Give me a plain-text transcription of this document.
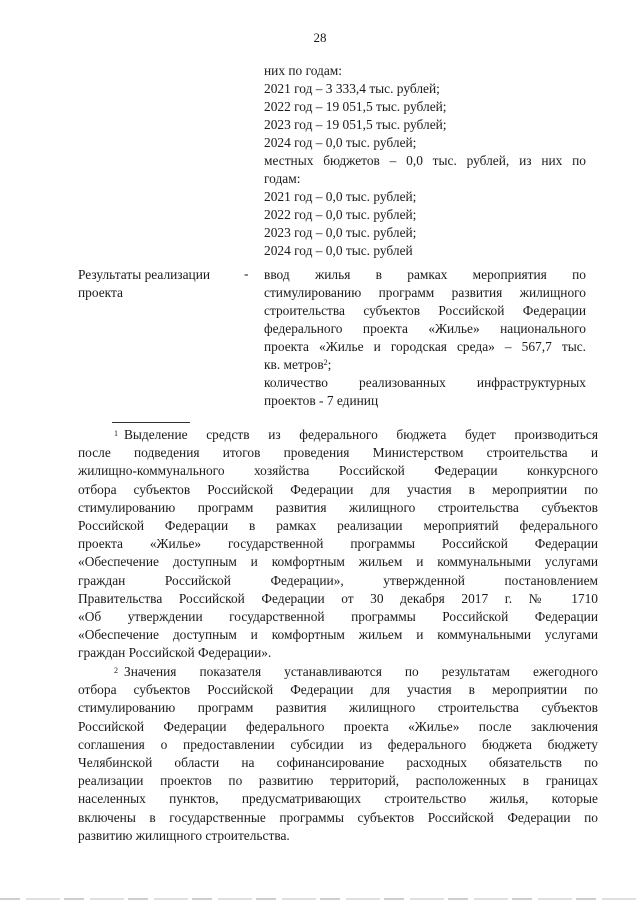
28
них по годам:
2021 год – 3 333,4 тыс. рублей;
2022 год – 19 051,5 тыс. рублей;
2023 год – 19 051,5 тыс. рублей;
2024 год – 0,0 тыс. рублей;
местных бюджетов – 0,0 тыс. рублей, из них по
годам:
2021 год – 0,0 тыс. рублей;
2022 год – 0,0 тыс. рублей;
2023 год – 0,0 тыс. рублей;
2024 год – 0,0 тыс. рублей
Результаты реализации
проекта
- ввод жилья в рамках мероприятия по
стимулированию программ развития жилищного
строительства субъектов Российской Федерации
федерального проекта «Жилье» национального
проекта «Жилье и городская среда» – 567,7 тыс.
кв. метров$^2$;
количество реализованных инфраструктурных
проектов - 7 единиц
$^1$ Выделение средств из федерального бюджета будет производиться
после подведения итогов проведения Министерством строительства и
жилищно-коммунального хозяйства Российской Федерации конкурсного
отбора субъектов Российской Федерации для участия в мероприятии по
стимулированию программ развития жилищного строительства субъектов
Российской Федерации в рамках реализации мероприятий федерального
проекта «Жилье» государственной программы Российской Федерации
«Обеспечение доступным и комфортным жильем и коммунальными услугами
граждан Российской Федерации», утвержденной постановлением
Правительства Российской Федерации от 30 декабря 2017 г. № 1710
«Об утверждении государственной программы Российской Федерации
«Обеспечение доступным и комфортным жильем и коммунальными услугами
граждан Российской Федерации».
$^2$ Значения показателя устанавливаются по результатам ежегодного
отбора субъектов Российской Федерации для участия в мероприятии по
стимулированию программ развития жилищного строительства субъектов
Российской Федерации федерального проекта «Жилье» после заключения
соглашения о предоставлении субсидии из федерального бюджета бюджету
Челябинской области на софинансирование расходных обязательств по
реализации проектов по развитию территорий, расположенных в границах
населенных пунктов, предусматривающих строительство жилья, которые
включены в государственные программы субъектов Российской Федерации по
развитию жилищного строительства.
